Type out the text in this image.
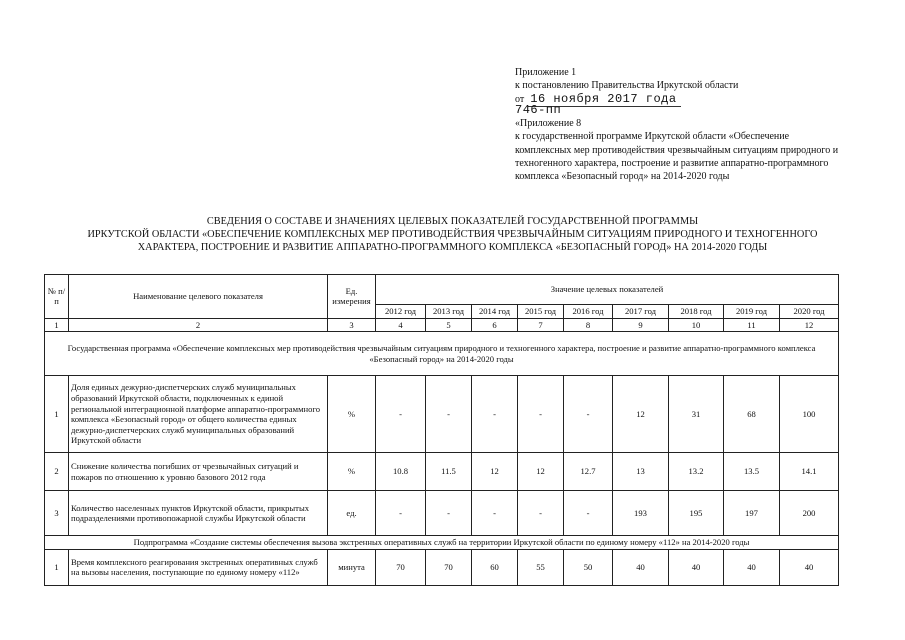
Приложение 1
к постановлению Правительства Иркутской области
от 16 ноября 2017 года
746-пп
«Приложение 8
к государственной программе Иркутской области «Обеспечение комплексных мер противодействия чрезвычайным ситуациям природного и техногенного характера, построение и развитие аппаратно-программного комплекса «Безопасный город» на 2014-2020 годы
СВЕДЕНИЯ О СОСТАВЕ И ЗНАЧЕНИЯХ ЦЕЛЕВЫХ ПОКАЗАТЕЛЕЙ ГОСУДАРСТВЕННОЙ ПРОГРАММЫ
ИРКУТСКОЙ ОБЛАСТИ «ОБЕСПЕЧЕНИЕ КОМПЛЕКСНЫХ МЕР ПРОТИВОДЕЙСТВИЯ ЧРЕЗВЫЧАЙНЫМ СИТУАЦИЯМ ПРИРОДНОГО И ТЕХНОГЕННОГО
ХАРАКТЕРА, ПОСТРОЕНИЕ И РАЗВИТИЕ АППАРАТНО-ПРОГРАММНОГО КОМПЛЕКСА «БЕЗОПАСНЫЙ ГОРОД» НА 2014-2020 ГОДЫ
№ п/п	Наименование целевого показателя	Ед. измерения	Значение целевых показателей								
			2012 год	2013 год	2014 год	2015 год	2016 год	2017 год	2018 год	2019 год	2020 год
1	2	3	4	5	6	7	8	9	10	11	12
Государственная программа «Обеспечение комплексных мер противодействия чрезвычайным ситуациям природного и техногенного характера, построение и развитие аппаратно-программного комплекса «Безопасный город» на 2014-2020 годы											
1	Доля единых дежурно-диспетчерских служб муниципальных образований Иркутской области, подключенных к единой региональной интеграционной платформе аппаратно-программного комплекса «Безопасный город» от общего количества единых дежурно-диспетчерских служб муниципальных образований Иркутской области	%	-	-	-	-	-	12	31	68	100
2	Снижение количества погибших от чрезвычайных ситуаций и пожаров по отношению к уровню базового 2012 года	%	10.8	11.5	12	12	12.7	13	13.2	13.5	14.1
3	Количество населенных пунктов Иркутской области, прикрытых подразделениями противопожарной службы Иркутской области	ед.	-	-	-	-	-	193	195	197	200
Подпрограмма «Создание системы обеспечения вызова экстренных оперативных служб на территории Иркутской области по единому номеру «112» на 2014-2020 годы											
1	Время комплексного реагирования экстренных оперативных служб на вызовы населения, поступающие по единому номеру «112»	минута	70	70	60	55	50	40	40	40	40
